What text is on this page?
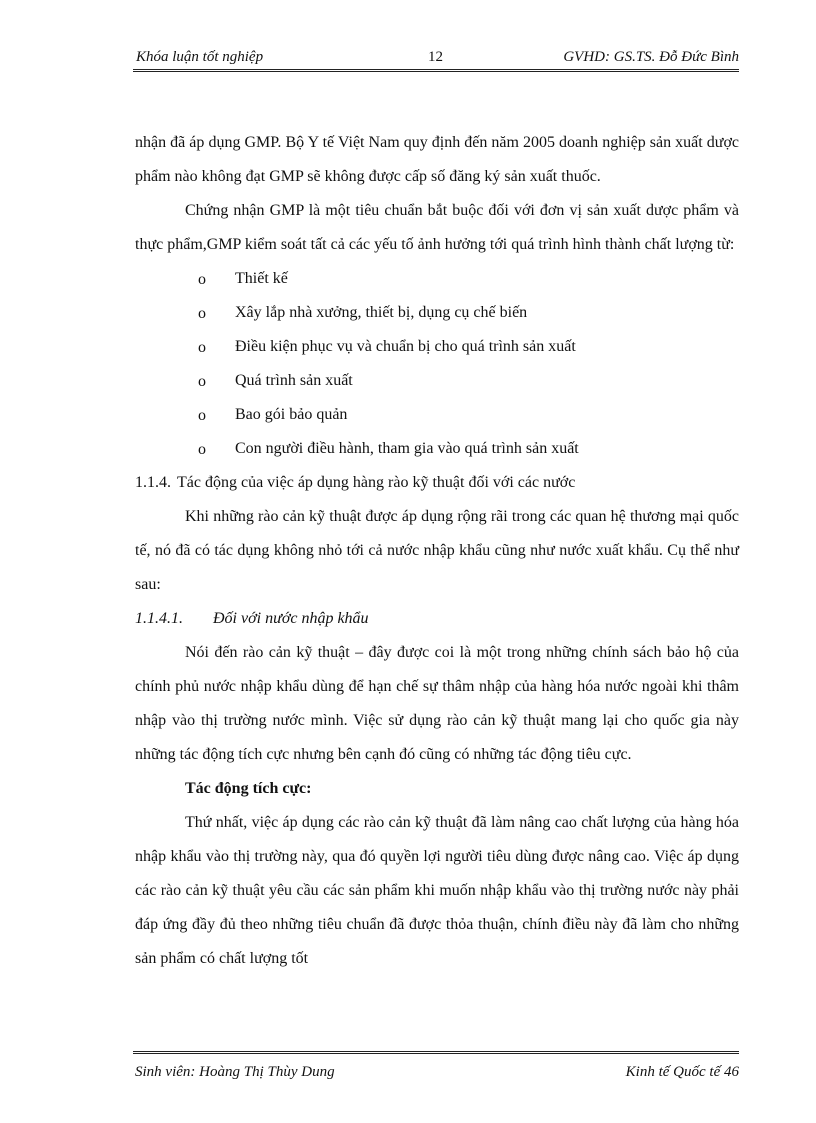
Khóa luận tốt nghiệp	12	GVHD: GS.TS. Đỗ Đức Bình

nhận đã áp dụng GMP. Bộ Y tế Việt Nam quy định đến năm 2005 doanh nghiệp sản xuất dược phẩm nào không đạt GMP sẽ không được cấp số đăng ký sản xuất thuốc.

Chứng nhận GMP là một tiêu chuẩn bắt buộc đối với đơn vị sản xuất dược phẩm và thực phẩm,GMP kiểm soát tất cả các yếu tố ảnh hưởng tới quá trình hình thành chất lượng từ:

o Thiết kế
o Xây lắp nhà xưởng, thiết bị, dụng cụ chế biến
o Điều kiện phục vụ và chuẩn bị cho quá trình sản xuất
o Quá trình sản xuất
o Bao gói bảo quản
o Con người điều hành, tham gia vào quá trình sản xuất
1.1.4. Tác động của việc áp dụng hàng rào kỹ thuật đối với các nước

Khi những rào cản kỹ thuật được áp dụng rộng rãi trong các quan hệ thương mại quốc tế, nó đã có tác dụng không nhỏ tới cả nước nhập khẩu cũng như nước xuất khẩu. Cụ thể như sau:

1.1.4.1. Đối với nước nhập khẩu

Nói đến rào cản kỹ thuật – đây được coi là một trong những chính sách bảo hộ của chính phủ nước nhập khẩu dùng để hạn chế sự thâm nhập của hàng hóa nước ngoài khi thâm nhập vào thị trường nước mình. Việc sử dụng rào cản kỹ thuật mang lại cho quốc gia này những tác động tích cực nhưng bên cạnh đó cũng có những tác động tiêu cực.

Tác động tích cực:

Thứ nhất, việc áp dụng các rào cản kỹ thuật đã làm nâng cao chất lượng của hàng hóa nhập khẩu vào thị trường này, qua đó quyền lợi người tiêu dùng được nâng cao. Việc áp dụng các rào cản kỹ thuật yêu cầu các sản phẩm khi muốn nhập khẩu vào thị trường nước này phải đáp ứng đầy đủ theo những tiêu chuẩn đã được thỏa thuận, chính điều này đã làm cho những sản phẩm có chất lượng tốt

Sinh viên: Hoàng Thị Thùy Dung	Kinh tế Quốc tế 46
